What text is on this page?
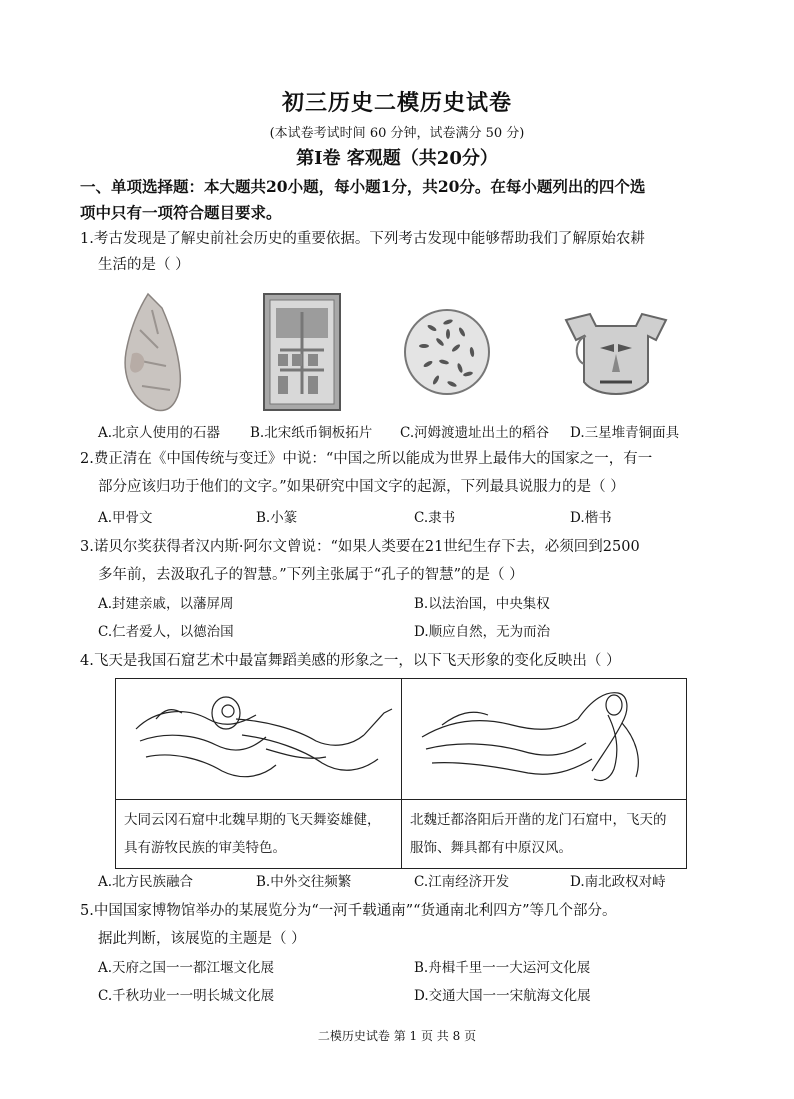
初三历史二模历史试卷
(本试卷考试时间 60 分钟，试卷满分 50 分)
第Ⅰ卷 客观题（共20分）
一、单项选择题：本大题共20小题，每小题1分，共20分。在每小题列出的四个选
项中只有一项符合题目要求。
1.考古发现是了解史前社会历史的重要依据。下列考古发现中能够帮助我们了解原始农耕
生活的是（ ）
A.北京人使用的石器 B.北宋纸币铜板拓片 C.河姆渡遗址出土的稻谷 D.三星堆青铜面具
2.费正清在《中国传统与变迁》中说：“中国之所以能成为世界上最伟大的国家之一，有一
部分应该归功于他们的文字。”如果研究中国文字的起源，下列最具说服力的是（ ）
A.甲骨文	B.小篆	C.隶书	D.楷书
3.诺贝尔奖获得者汉内斯·阿尔文曾说：“如果人类要在21世纪生存下去，必须回到2500
多年前，去汲取孔子的智慧。”下列主张属于“孔子的智慧”的是（ ）
A.封建亲戚，以藩屏周	B.以法治国，中央集权
C.仁者爱人，以德治国	D.顺应自然，无为而治
4.飞天是我国石窟艺术中最富舞蹈美感的形象之一，以下飞天形象的变化反映出（ ）

大同云冈石窟中北魏早期的飞天舞姿雄健，具有游牧民族的审美特色。	北魏迁都洛阳后开凿的龙门石窟中，飞天的服饰、舞具都有中原汉风。
A.北方民族融合	B.中外交往频繁	C.江南经济开发	D.南北政权对峙
5.中国国家博物馆举办的某展览分为“一河千载通南”“货通南北利四方”等几个部分。
据此判断，该展览的主题是（ ）
A.天府之国一一都江堰文化展	B.舟楫千里一一大运河文化展
C.千秋功业一一明长城文化展	D.交通大国一一宋航海文化展
二模历史试卷 第 1 页 共 8 页
